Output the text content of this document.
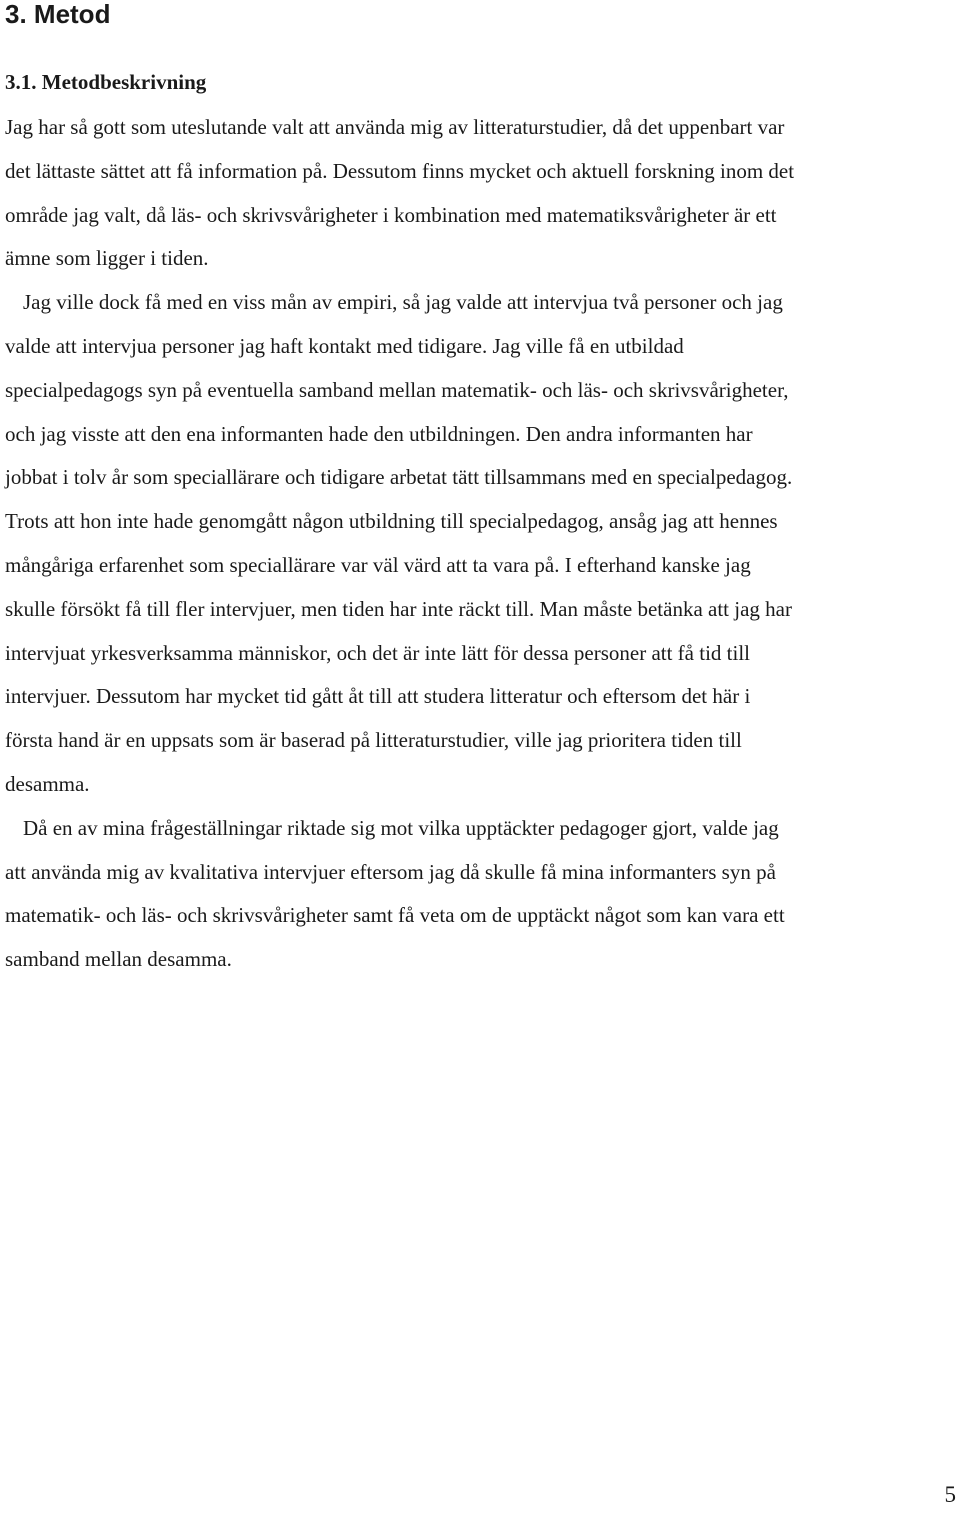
3. Metod
3.1. Metodbeskrivning

Jag har så gott som uteslutande valt att använda mig av litteraturstudier, då det uppenbart var
det lättaste sättet att få information på. Dessutom finns mycket och aktuell forskning inom det
område jag valt, då läs- och skrivsvårigheter i kombination med matematiksvårigheter är ett
ämne som ligger i tiden.

Jag ville dock få med en viss mån av empiri, så jag valde att intervjua två personer och jag
valde att intervjua personer jag haft kontakt med tidigare. Jag ville få en utbildad
specialpedagogs syn på eventuella samband mellan matematik- och läs- och skrivsvårigheter,
och jag visste att den ena informanten hade den utbildningen. Den andra informanten har
jobbat i tolv år som speciallärare och tidigare arbetat tätt tillsammans med en specialpedagog.
Trots att hon inte hade genomgått någon utbildning till specialpedagog, ansåg jag att hennes
mångåriga erfarenhet som speciallärare var väl värd att ta vara på. I efterhand kanske jag
skulle försökt få till fler intervjuer, men tiden har inte räckt till. Man måste betänka att jag har
intervjuat yrkesverksamma människor, och det är inte lätt för dessa personer att få tid till
intervjuer. Dessutom har mycket tid gått åt till att studera litteratur och eftersom det här i
första hand är en uppsats som är baserad på litteraturstudier, ville jag prioritera tiden till
desamma.

Då en av mina frågeställningar riktade sig mot vilka upptäckter pedagoger gjort, valde jag
att använda mig av kvalitativa intervjuer eftersom jag då skulle få mina informanters syn på
matematik- och läs- och skrivsvårigheter samt få veta om de upptäckt något som kan vara ett
samband mellan desamma.

5
